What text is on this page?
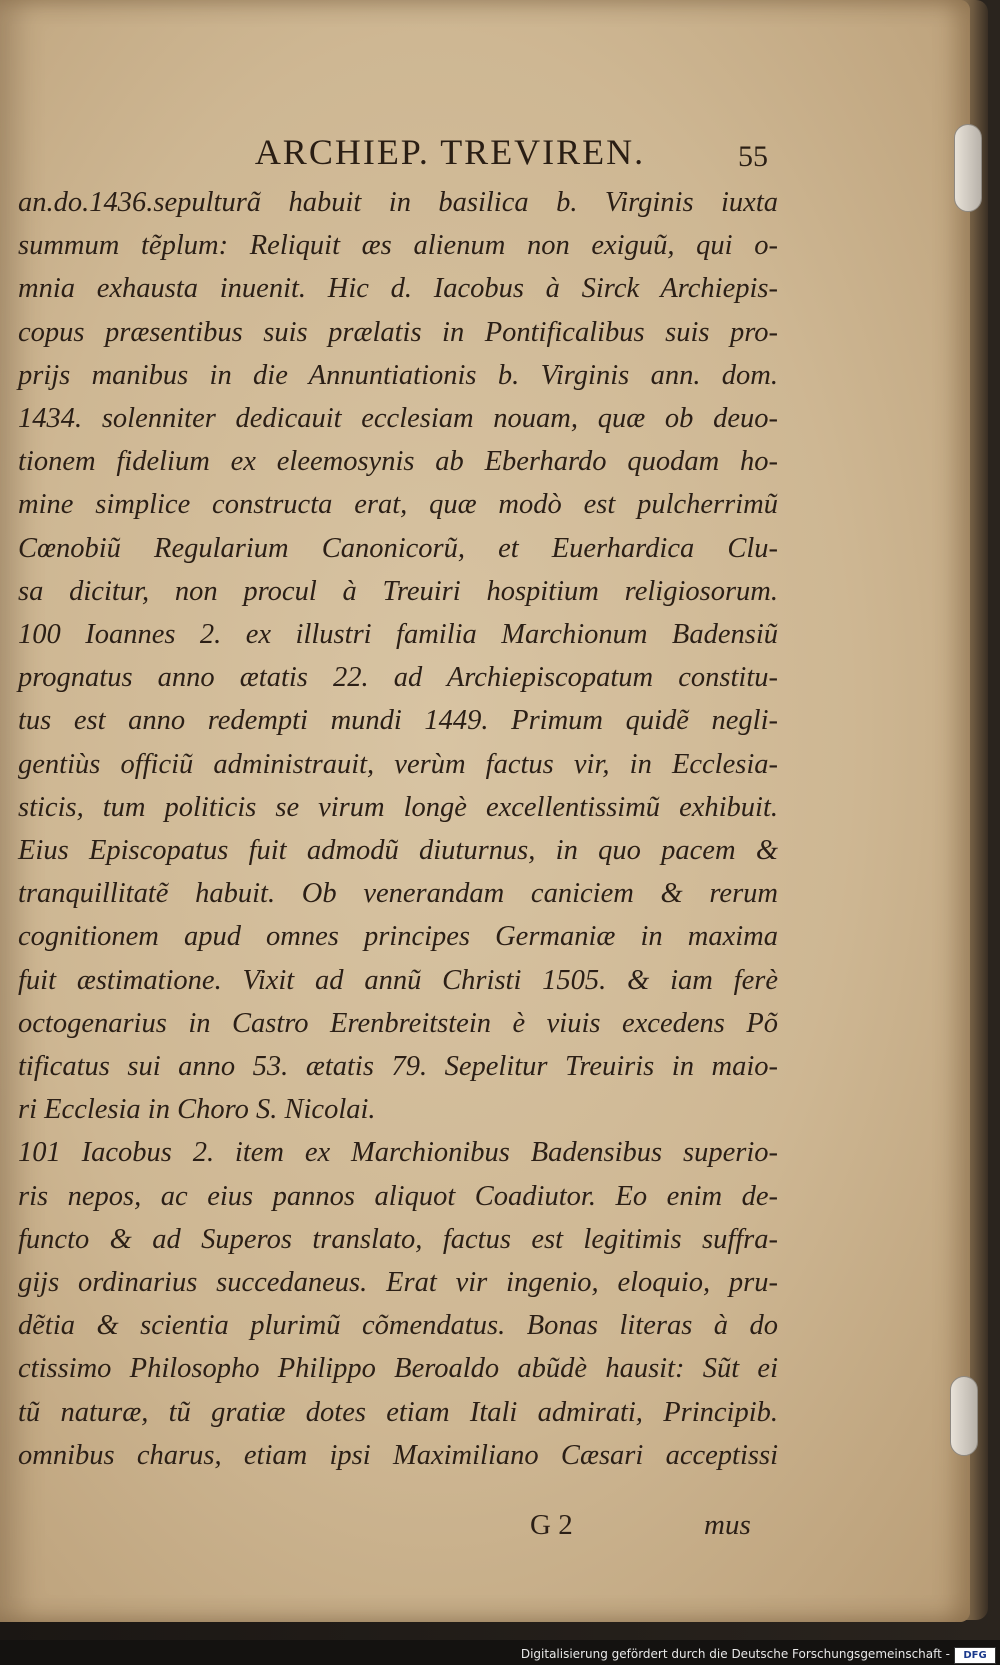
ARCHIEP. TREVIREN.	55
an.do.1436.sepulturã habuit in basilica b. Virginis iuxta
summum tẽplum: Reliquit æs alienum non exiguũ, qui o-
mnia exhausta inuenit. Hic d. Iacobus à Sirck Archiepis-
copus præsentibus suis prælatis in Pontificalibus suis pro-
prijs manibus in die Annuntiationis b. Virginis ann. dom.
1434. solenniter dedicauit ecclesiam nouam, quæ ob deuo-
tionem fidelium ex eleemosynis ab Eberhardo quodam ho-
mine simplice constructa erat, quæ modò est pulcherrimũ
Cœnobiũ Regularium Canonicorũ, et Euerhardica Clu-
sa dicitur, non procul à Treuiri hospitium religiosorum.
100 Ioannes 2. ex illustri familia Marchionum Badensiũ
prognatus anno ætatis 22. ad Archiepiscopatum constitu-
tus est anno redempti mundi 1449. Primum quidẽ negli-
gentiùs officiũ administrauit, verùm factus vir, in Ecclesia-
sticis, tum politicis se virum longè excellentissimũ exhibuit.
Eius Episcopatus fuit admodũ diuturnus, in quo pacem &
tranquillitatẽ habuit. Ob venerandam caniciem & rerum
cognitionem apud omnes principes Germaniæ in maxima
fuit æstimatione. Vixit ad annũ Christi 1505. & iam ferè
octogenarius in Castro Erenbreitstein è viuis excedens Põ
tificatus sui anno 53. ætatis 79. Sepelitur Treuiris in maio-
ri Ecclesia in Choro S. Nicolai.
101 Iacobus 2. item ex Marchionibus Badensibus superio-
ris nepos, ac eius pannos aliquot Coadiutor. Eo enim de-
functo & ad Superos translato, factus est legitimis suffra-
gijs ordinarius succedaneus. Erat vir ingenio, eloquio, pru-
dẽtia & scientia plurimũ cõmendatus. Bonas literas à do
ctissimo Philosopho Philippo Beroaldo abũdè hausit: Sũt ei
tũ naturæ, tũ gratiæ dotes etiam Itali admirati, Principib.
omnibus charus, etiam ipsi Maximiliano Cæsari acceptissi
G 2	mus
Digitalisierung gefördert durch die Deutsche Forschungsgemeinschaft -	DFG
